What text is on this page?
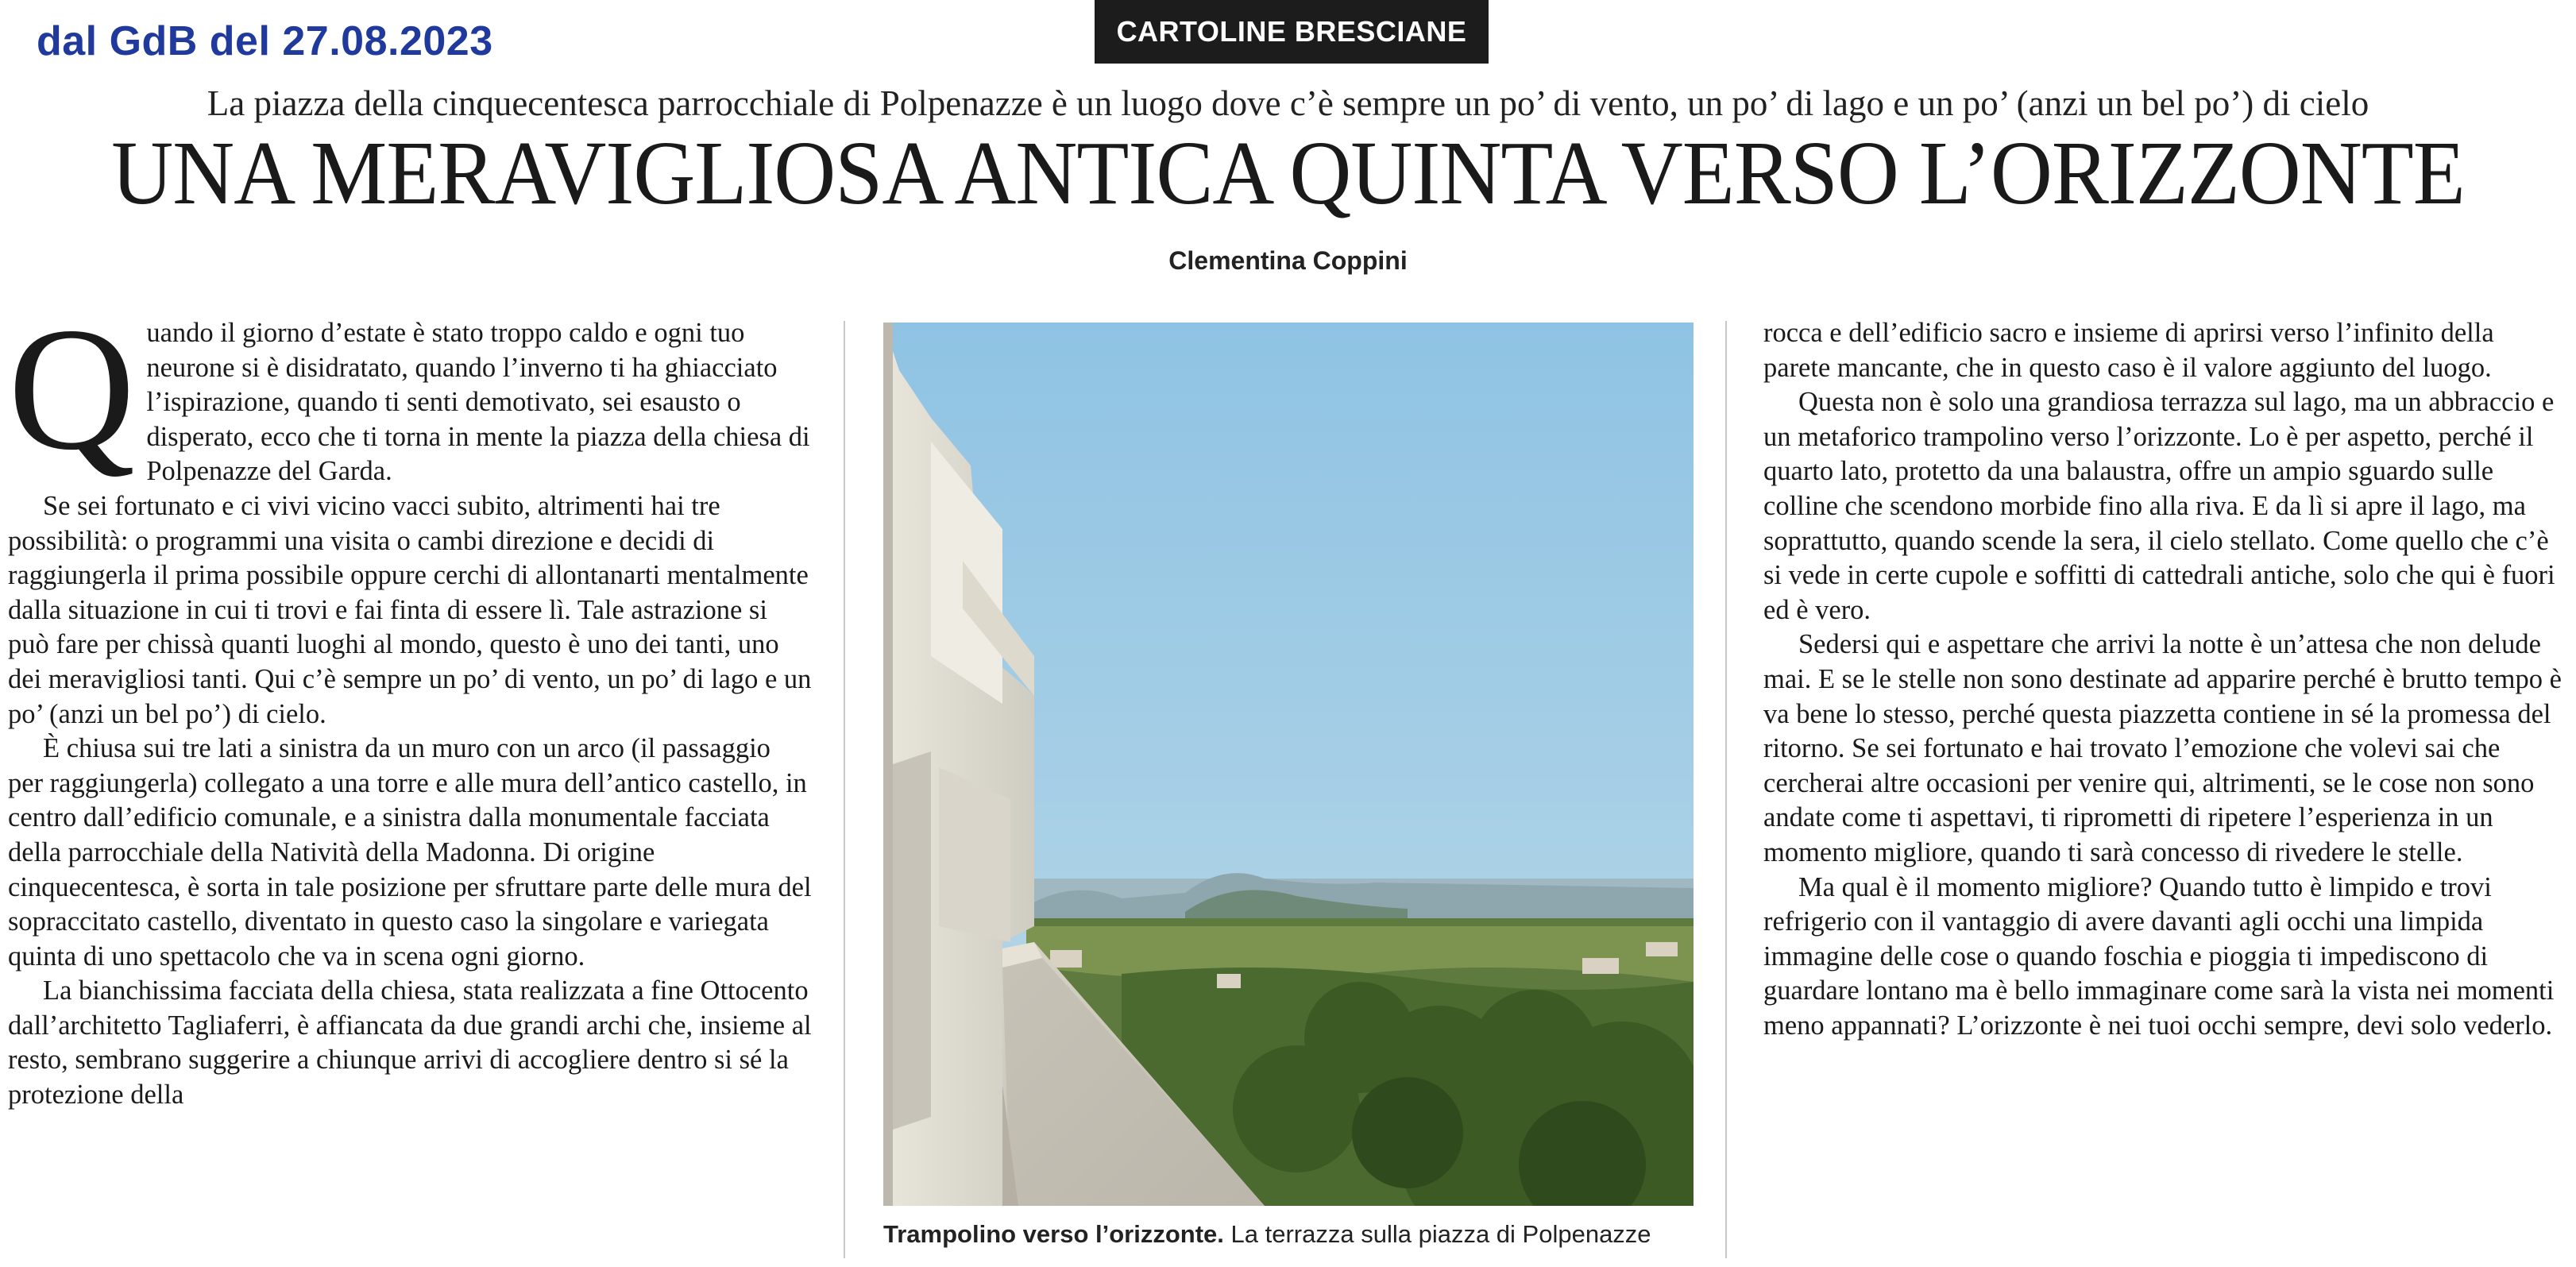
dal GdB del 27.08.2023	CARTOLINE BRESCIANE
La piazza della cinquecentesca parrocchiale di Polpenazze è un luogo dove c’è sempre un po’ di vento, un po’ di lago e un po’ (anzi un bel po’) di cielo
UNA MERAVIGLIOSA ANTICA QUINTA VERSO L’ORIZZONTE
Clementina Coppini
Q uando il giorno d’estate è stato troppo caldo e ogni tuo neurone si è disidratato, quando l’inverno ti ha ghiacciato l’ispirazione, quando ti senti demotivato, sei esausto o disperato, ecco che ti torna in mente la piazza della chiesa di Polpenazze del Garda.

Se sei fortunato e ci vivi vicino vacci subito, altrimenti hai tre possibilità: o programmi una visita o cambi direzione e decidi di raggiungerla il prima possibile oppure cerchi di allontanarti mentalmente dalla situazione in cui ti trovi e fai finta di essere lì. Tale astrazione si può fare per chissà quanti luoghi al mondo, questo è uno dei tanti, uno dei meravigliosi tanti. Qui c’è sempre un po’ di vento, un po’ di lago e un po’ (anzi un bel po’) di cielo.

È chiusa sui tre lati a sinistra da un muro con un arco (il passaggio per raggiungerla) collegato a una torre e alle mura dell’antico castello, in centro dall’edificio comunale, e a sinistra dalla monumentale facciata della parrocchiale della Natività della Madonna. Di origine cinquecentesca, è sorta in tale posizione per sfruttare parte delle mura del sopraccitato castello, diventato in questo caso la singolare e variegata quinta di uno spettacolo che va in scena ogni giorno.

La bianchissima facciata della chiesa, stata realizzata a fine Ottocento dall’architetto Tagliaferri, è affiancata da due grandi archi che, insieme al resto, sembrano suggerire a chiunque arrivi di accogliere dentro si sé la protezione della

Trampolino verso l’orizzonte. La terrazza sulla piazza di Polpenazze

rocca e dell’edificio sacro e insieme di aprirsi verso l’infinito della parete mancante, che in questo caso è il valore aggiunto del luogo.

Questa non è solo una grandiosa terrazza sul lago, ma un abbraccio e un metaforico trampolino verso l’orizzonte. Lo è per aspetto, perché il quarto lato, protetto da una balaustra, offre un ampio sguardo sulle colline che scendono morbide fino alla riva. E da lì si apre il lago, ma soprattutto, quando scende la sera, il cielo stellato. Come quello che c’è si vede in certe cupole e soffitti di cattedrali antiche, solo che qui è fuori ed è vero.

Sedersi qui e aspettare che arrivi la notte è un’attesa che non delude mai. E se le stelle non sono destinate ad apparire perché è brutto tempo è va bene lo stesso, perché questa piazzetta contiene in sé la promessa del ritorno. Se sei fortunato e hai trovato l’emozione che volevi sai che cercherai altre occasioni per venire qui, altrimenti, se le cose non sono andate come ti aspettavi, ti riprometti di ripetere l’esperienza in un momento migliore, quando ti sarà concesso di rivedere le stelle.

Ma qual è il momento migliore? Quando tutto è limpido e trovi refrigerio con il vantaggio di avere davanti agli occhi una limpida immagine delle cose o quando foschia e pioggia ti impediscono di guardare lontano ma è bello immaginare come sarà la vista nei momenti meno appannati? L’orizzonte è nei tuoi occhi sempre, devi solo vederlo.
